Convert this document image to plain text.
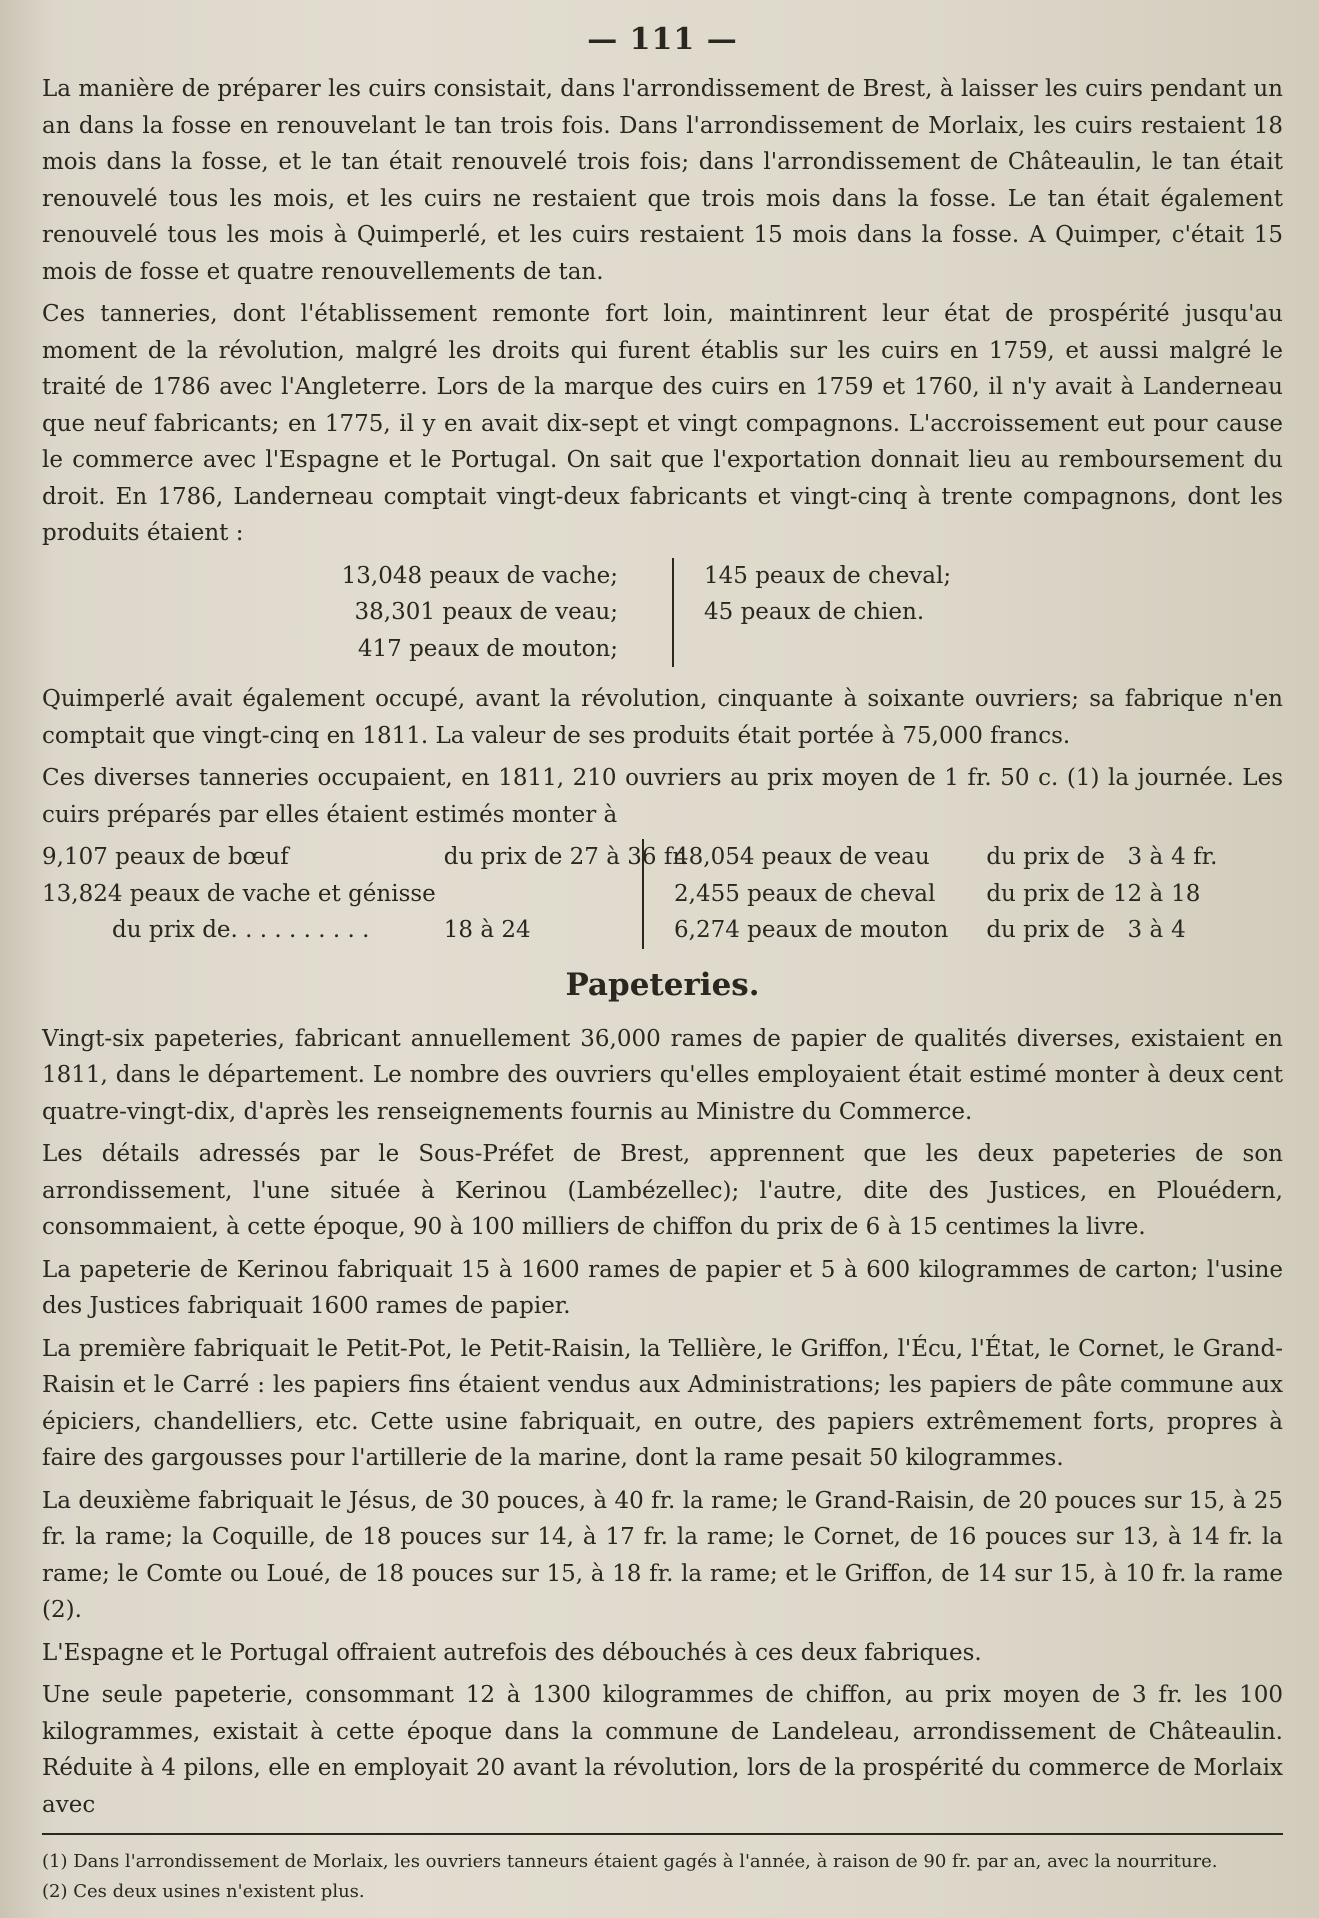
— 111 —

La manière de préparer les cuirs consistait, dans l'arrondissement de Brest, à laisser les cuirs pendant un an dans la fosse en renouvelant le tan trois fois. Dans l'arrondissement de Morlaix, les cuirs restaient 18 mois dans la fosse, et le tan était renouvelé trois fois; dans l'arrondissement de Châteaulin, le tan était renouvelé tous les mois, et les cuirs ne restaient que trois mois dans la fosse. Le tan était également renouvelé tous les mois à Quimperlé, et les cuirs restaient 15 mois dans la fosse. A Quimper, c'était 15 mois de fosse et quatre renouvellements de tan.

Ces tanneries, dont l'établissement remonte fort loin, maintinrent leur état de prospérité jusqu'au moment de la révolution, malgré les droits qui furent établis sur les cuirs en 1759, et aussi malgré le traité de 1786 avec l'Angleterre. Lors de la marque des cuirs en 1759 et 1760, il n'y avait à Landerneau que neuf fabricants; en 1775, il y en avait dix-sept et vingt compagnons. L'accroissement eut pour cause le commerce avec l'Espagne et le Portugal. On sait que l'exportation donnait lieu au remboursement du droit. En 1786, Landerneau comptait vingt-deux fabricants et vingt-cinq à trente compagnons, dont les produits étaient :

13,048 peaux de vache;
38,301 peaux de veau;
417 peaux de mouton;
145 peaux de cheval;
45 peaux de chien.

Quimperlé avait également occupé, avant la révolution, cinquante à soixante ouvriers; sa fabrique n'en comptait que vingt-cinq en 1811. La valeur de ses produits était portée à 75,000 francs.

Ces diverses tanneries occupaient, en 1811, 210 ouvriers au prix moyen de 1 fr. 50 c. (1) la journée. Les cuirs préparés par elles étaient estimés monter à

9,107 peaux de bœuf	du prix de 27 à 36 fr.
13,824 peaux de vache et génisse	
du prix de. . . . . . . . . .	18 à 24
48,054 peaux de veau	du prix de	3 à	4 fr.
2,455 peaux de cheval	du prix de	12 à	18
6,274 peaux de mouton	du prix de	3 à	4
Papeteries.

Vingt-six papeteries, fabricant annuellement 36,000 rames de papier de qualités diverses, existaient en 1811, dans le département. Le nombre des ouvriers qu'elles employaient était estimé monter à deux cent quatre-vingt-dix, d'après les renseignements fournis au Ministre du Commerce.

Les détails adressés par le Sous-Préfet de Brest, apprennent que les deux papeteries de son arrondissement, l'une située à Kerinou (Lambézellec); l'autre, dite des Justices, en Plouédern, consommaient, à cette époque, 90 à 100 milliers de chiffon du prix de 6 à 15 centimes la livre.

La papeterie de Kerinou fabriquait 15 à 1600 rames de papier et 5 à 600 kilogrammes de carton; l'usine des Justices fabriquait 1600 rames de papier.

La première fabriquait le Petit-Pot, le Petit-Raisin, la Tellière, le Griffon, l'Écu, l'État, le Cornet, le Grand-Raisin et le Carré : les papiers fins étaient vendus aux Administrations; les papiers de pâte commune aux épiciers, chandelliers, etc. Cette usine fabriquait, en outre, des papiers extrêmement forts, propres à faire des gargousses pour l'artillerie de la marine, dont la rame pesait 50 kilogrammes.

La deuxième fabriquait le Jésus, de 30 pouces, à 40 fr. la rame; le Grand-Raisin, de 20 pouces sur 15, à 25 fr. la rame; la Coquille, de 18 pouces sur 14, à 17 fr. la rame; le Cornet, de 16 pouces sur 13, à 14 fr. la rame; le Comte ou Loué, de 18 pouces sur 15, à 18 fr. la rame; et le Griffon, de 14 sur 15, à 10 fr. la rame (2).

L'Espagne et le Portugal offraient autrefois des débouchés à ces deux fabriques.

Une seule papeterie, consommant 12 à 1300 kilogrammes de chiffon, au prix moyen de 3 fr. les 100 kilogrammes, existait à cette époque dans la commune de Landeleau, arrondissement de Châteaulin. Réduite à 4 pilons, elle en employait 20 avant la révolution, lors de la prospérité du commerce de Morlaix avec

(1) Dans l'arrondissement de Morlaix, les ouvriers tanneurs étaient gagés à l'année, à raison de 90 fr. par an, avec la nourriture.

(2) Ces deux usines n'existent plus.
